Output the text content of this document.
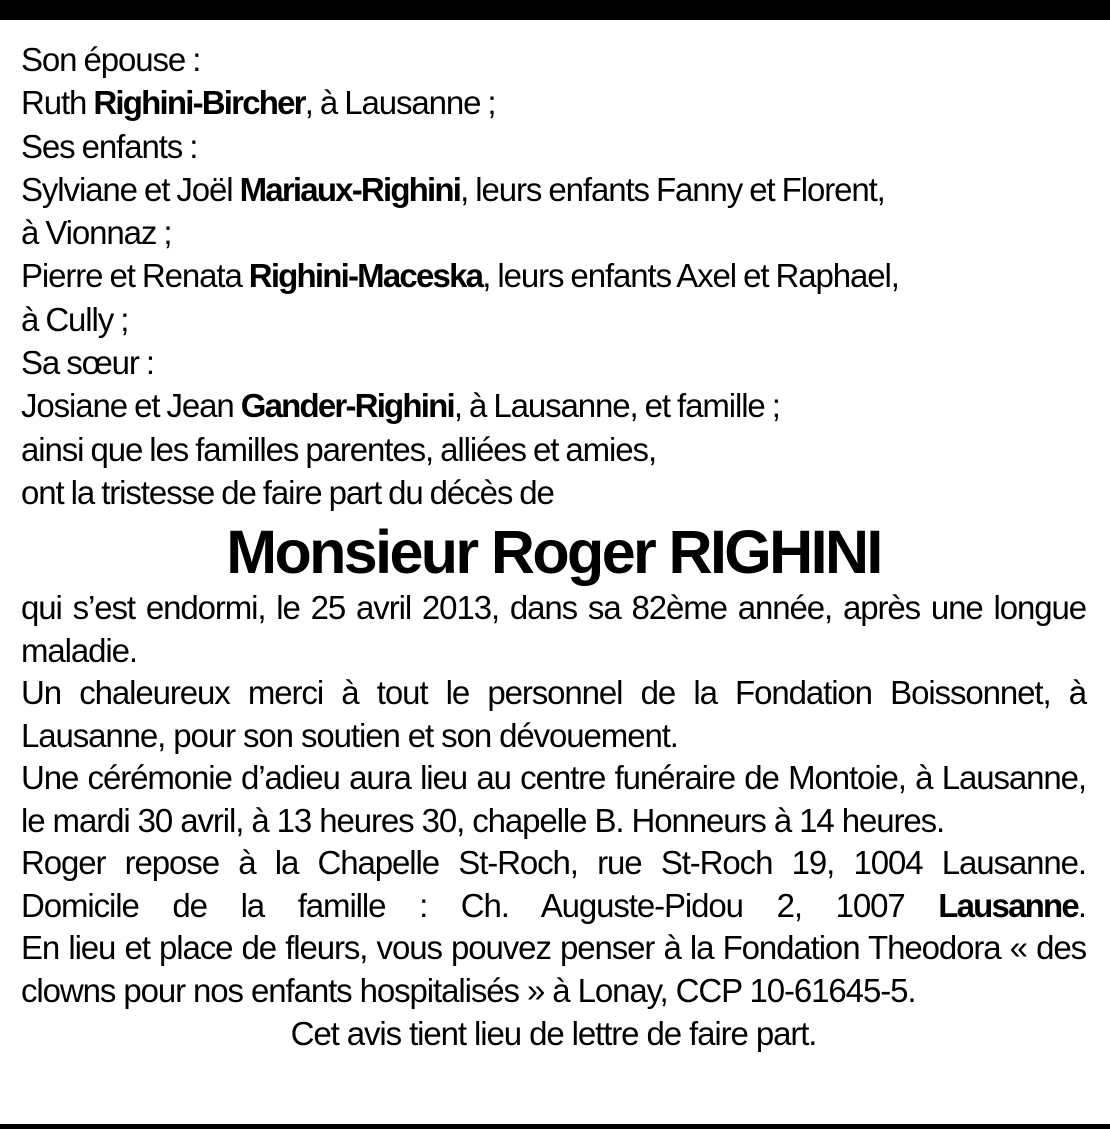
Son épouse :
Ruth Righini-Bircher, à Lausanne ;
Ses enfants :
Sylviane et Joël Mariaux-Righini, leurs enfants Fanny et Florent,
à Vionnaz ;
Pierre et Renata Righini-Maceska, leurs enfants Axel et Raphael,
à Cully ;
Sa sœur :
Josiane et Jean Gander-Righini, à Lausanne, et famille ;
ainsi que les familles parentes, alliées et amies,
ont la tristesse de faire part du décès de
Monsieur Roger RIGHINI
qui s’est endormi, le 25 avril 2013, dans sa 82ème année, après une longue maladie.
Un chaleureux merci à tout le personnel de la Fondation Boissonnet, à Lausanne, pour son soutien et son dévouement.
Une cérémonie d’adieu aura lieu au centre funéraire de Montoie, à Lausanne, le mardi 30 avril, à 13 heures 30, chapelle B. Honneurs à 14 heures.
Roger repose à la Chapelle St-Roch, rue St-Roch 19, 1004 Lausanne.
Domicile de la famille : Ch. Auguste-Pidou 2, 1007 Lausanne.
En lieu et place de fleurs, vous pouvez penser à la Fondation Theodora « des clowns pour nos enfants hospitalisés » à Lonay, CCP 10-61645-5.
Cet avis tient lieu de lettre de faire part.
